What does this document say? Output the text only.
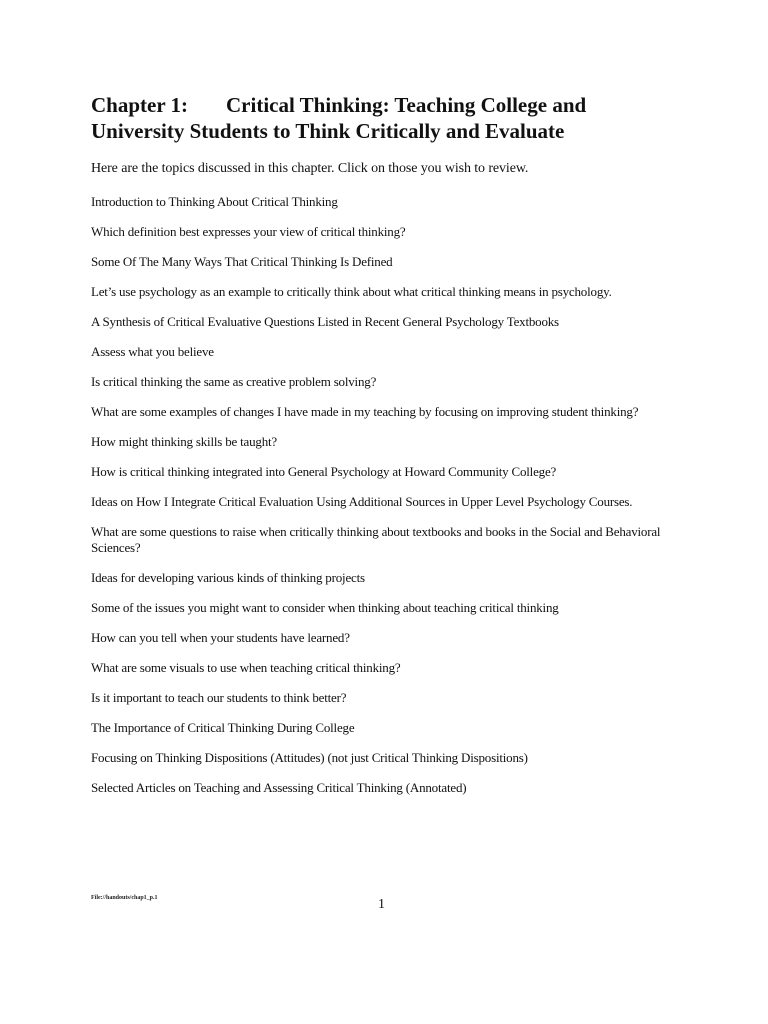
Chapter 1: Critical Thinking: Teaching College and
University Students to Think Critically and Evaluate

Here are the topics discussed in this chapter. Click on those you wish to review.

Introduction to Thinking About Critical Thinking
Which definition best expresses your view of critical thinking?
Some Of The Many Ways That Critical Thinking Is Defined
Let’s use psychology as an example to critically think about what critical thinking means in psychology.
A Synthesis of Critical Evaluative Questions Listed in Recent General Psychology Textbooks
Assess what you believe
Is critical thinking the same as creative problem solving?
What are some examples of changes I have made in my teaching by focusing on improving student thinking?
How might thinking skills be taught?
How is critical thinking integrated into General Psychology at Howard Community College?
Ideas on How I Integrate Critical Evaluation Using Additional Sources in Upper Level Psychology Courses.
What are some questions to raise when critically thinking about textbooks and books in the Social and Behavioral Sciences?
Ideas for developing various kinds of thinking projects
Some of the issues you might want to consider when thinking about teaching critical thinking
How can you tell when your students have learned?
What are some visuals to use when teaching critical thinking?
Is it important to teach our students to think better?
The Importance of Critical Thinking During College
Focusing on Thinking Dispositions (Attitudes) (not just Critical Thinking Dispositions)
Selected Articles on Teaching and Assessing Critical Thinking (Annotated)
File://handouts/chap1_p.1	1
